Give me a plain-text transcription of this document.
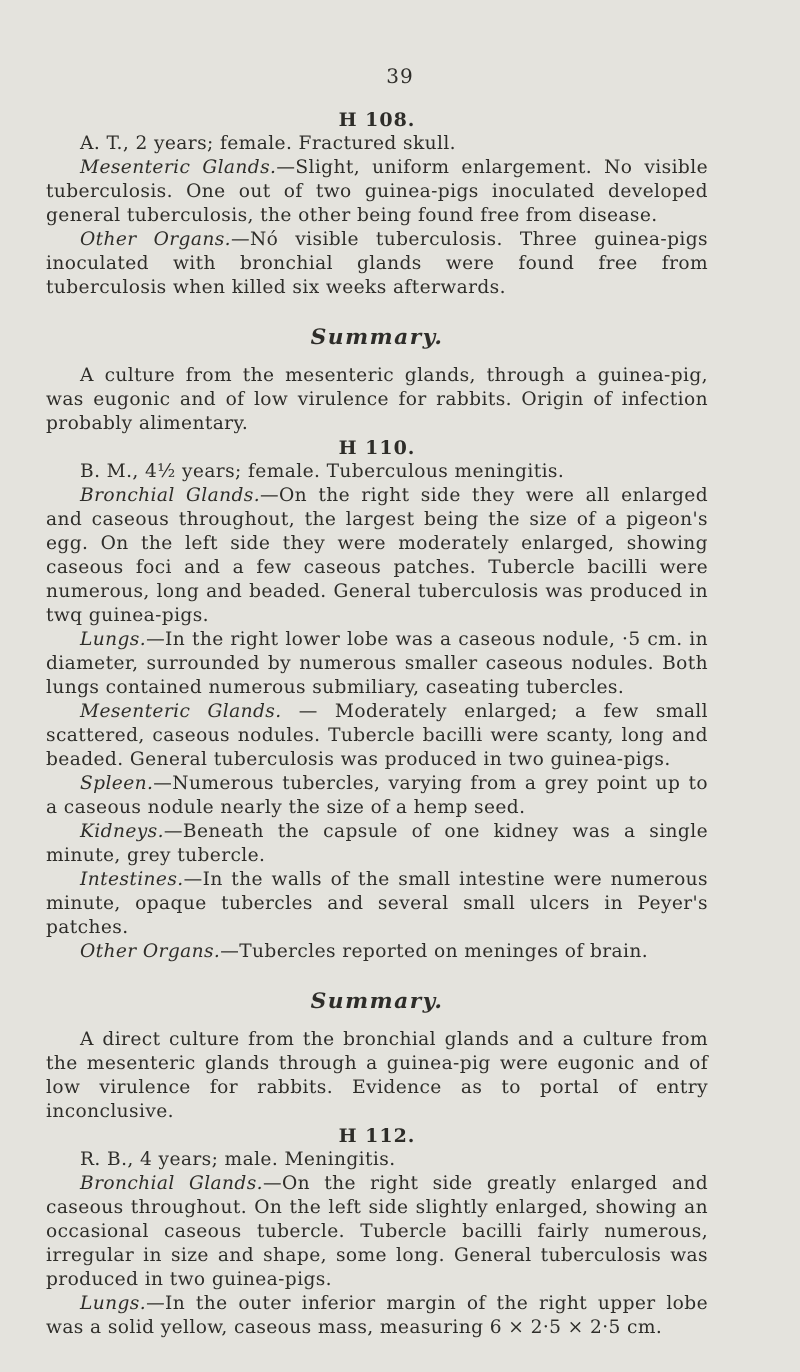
39
H 108.

A. T., 2 years; female. Fractured skull.

Mesenteric Glands.—Slight, uniform enlargement. No visible tuberculosis. One out of two guinea-pigs inoculated developed general tuberculosis, the other being found free from disease.

Other Organs.—Nó visible tuberculosis. Three guinea-pigs inoculated with bronchial glands were found free from tuberculosis when killed six weeks afterwards.

Summary.

A culture from the mesenteric glands, through a guinea-pig, was eugonic and of low virulence for rabbits. Origin of infection probably alimentary.

H 110.

B. M., 4½ years; female. Tuberculous meningitis.

Bronchial Glands.—On the right side they were all enlarged and caseous throughout, the largest being the size of a pigeon's egg. On the left side they were moderately enlarged, showing caseous foci and a few caseous patches. Tubercle bacilli were numerous, long and beaded. General tuberculosis was produced in twq guinea-pigs.

Lungs.—In the right lower lobe was a caseous nodule, ·5 cm. in diameter, surrounded by numerous smaller caseous nodules. Both lungs contained numerous submiliary, caseating tubercles.

Mesenteric Glands. — Moderately enlarged; a few small scattered, caseous nodules. Tubercle bacilli were scanty, long and beaded. General tuberculosis was produced in two guinea-pigs.

Spleen.—Numerous tubercles, varying from a grey point up to a caseous nodule nearly the size of a hemp seed.

Kidneys.—Beneath the capsule of one kidney was a single minute, grey tubercle.

Intestines.—In the walls of the small intestine were numerous minute, opaque tubercles and several small ulcers in Peyer's patches.

Other Organs.—Tubercles reported on meninges of brain.

Summary.

A direct culture from the bronchial glands and a culture from the mesenteric glands through a guinea-pig were eugonic and of low virulence for rabbits. Evidence as to portal of entry inconclusive.

H 112.

R. B., 4 years; male. Meningitis.

Bronchial Glands.—On the right side greatly enlarged and caseous throughout. On the left side slightly enlarged, showing an occasional caseous tubercle. Tubercle bacilli fairly numerous, irregular in size and shape, some long. General tuberculosis was produced in two guinea-pigs.

Lungs.—In the outer inferior margin of the right upper lobe was a solid yellow, caseous mass, measuring 6 × 2·5 × 2·5 cm.
